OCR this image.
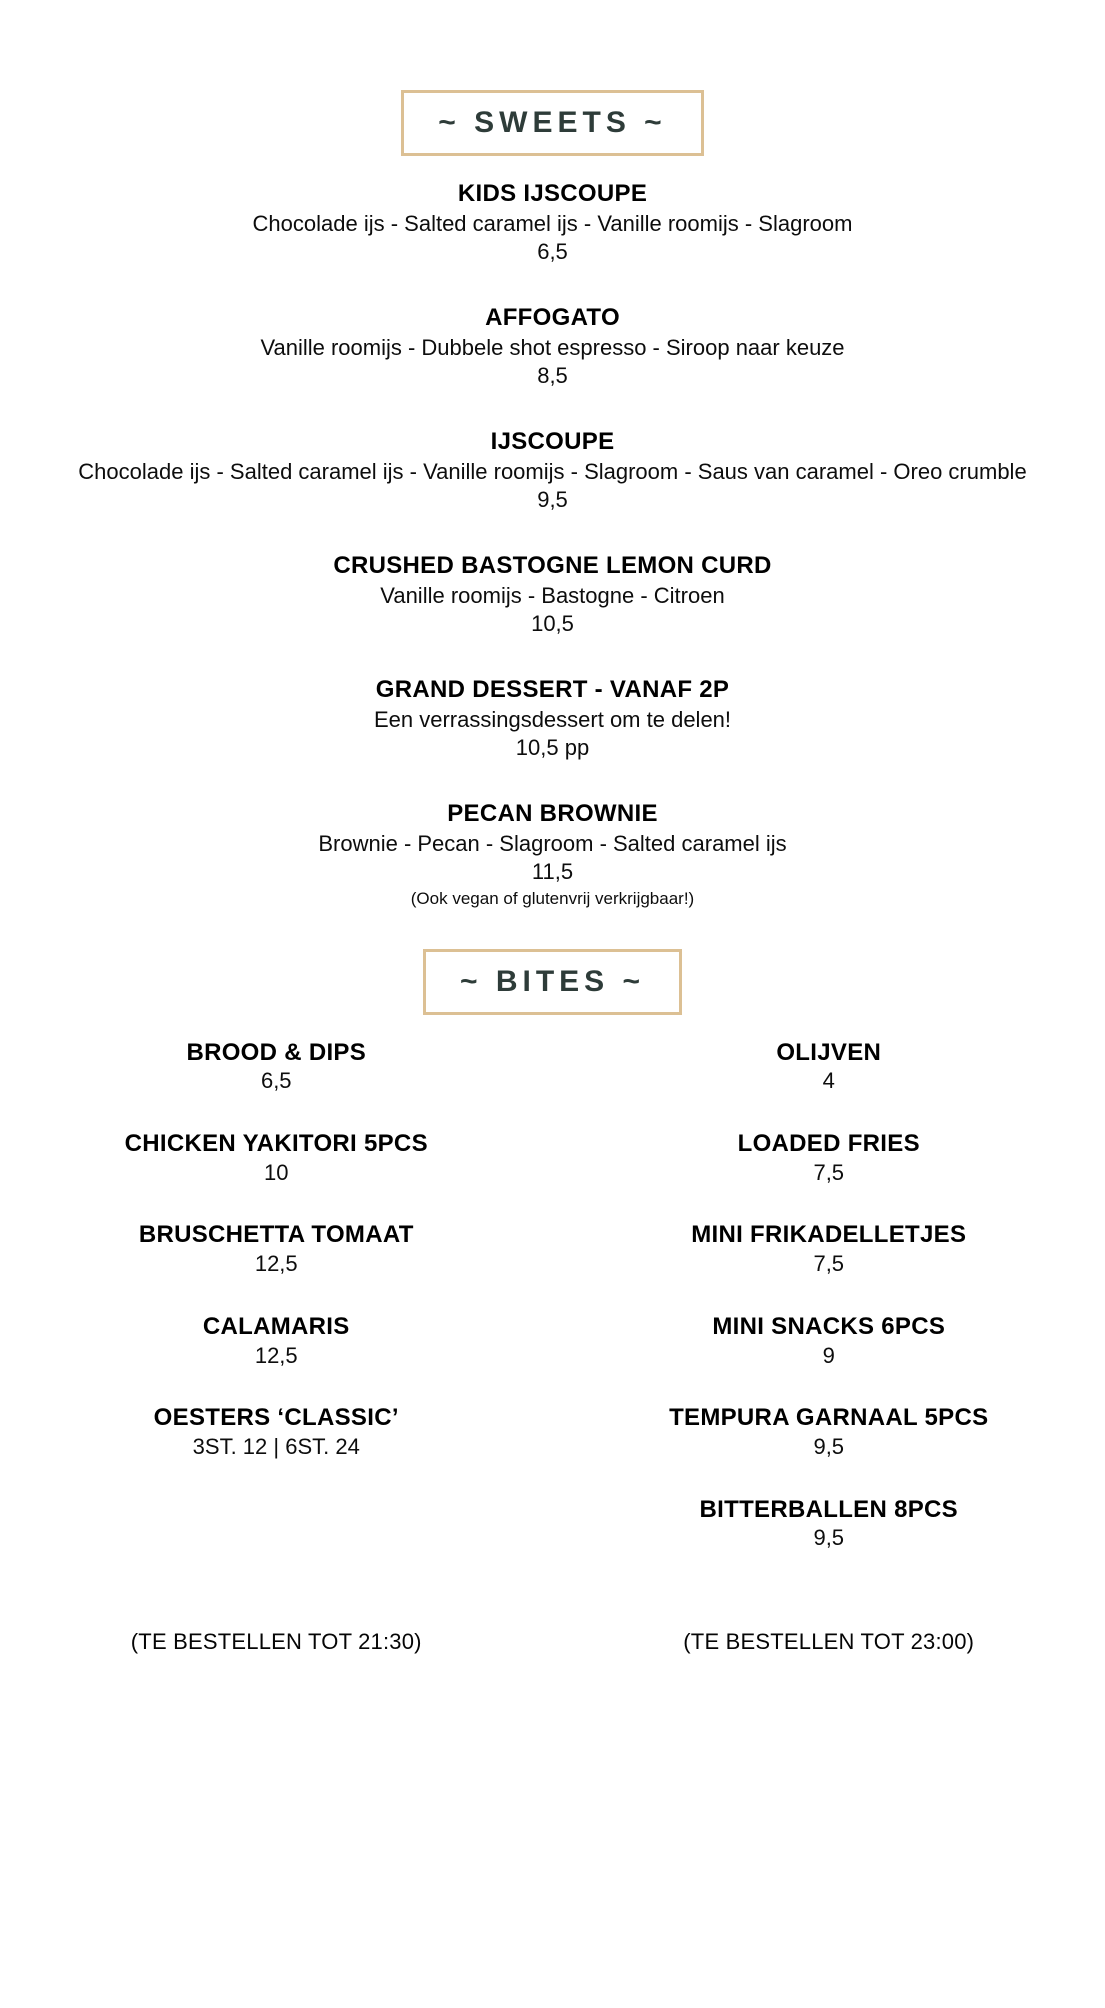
~ SWEETS ~
KIDS IJSCOUPE
Chocolade ijs - Salted caramel ijs - Vanille roomijs - Slagroom
6,5
AFFOGATO
Vanille roomijs - Dubbele shot espresso - Siroop naar keuze
8,5
IJSCOUPE
Chocolade ijs - Salted caramel ijs - Vanille roomijs - Slagroom - Saus van caramel - Oreo crumble
9,5
CRUSHED BASTOGNE LEMON CURD
Vanille roomijs - Bastogne - Citroen
10,5
GRAND DESSERT - VANAF 2P
Een verrassingsdessert om te delen!
10,5 pp
PECAN BROWNIE
Brownie - Pecan - Slagroom - Salted caramel ijs
11,5
(Ook vegan of glutenvrij verkrijgbaar!)
~ BITES ~
BROOD & DIPS
6,5
OLIJVEN
4
CHICKEN YAKITORI 5PCS
10
LOADED FRIES
7,5
BRUSCHETTA TOMAAT
12,5
MINI FRIKADELLETJES
7,5
CALAMARIS
12,5
MINI SNACKS 6PCS
9
OESTERS ‘CLASSIC’
3ST. 12 | 6ST. 24
TEMPURA GARNAAL 5PCS
9,5
BITTERBALLEN 8PCS
9,5
(TE BESTELLEN TOT 21:30)	(TE BESTELLEN TOT 23:00)
